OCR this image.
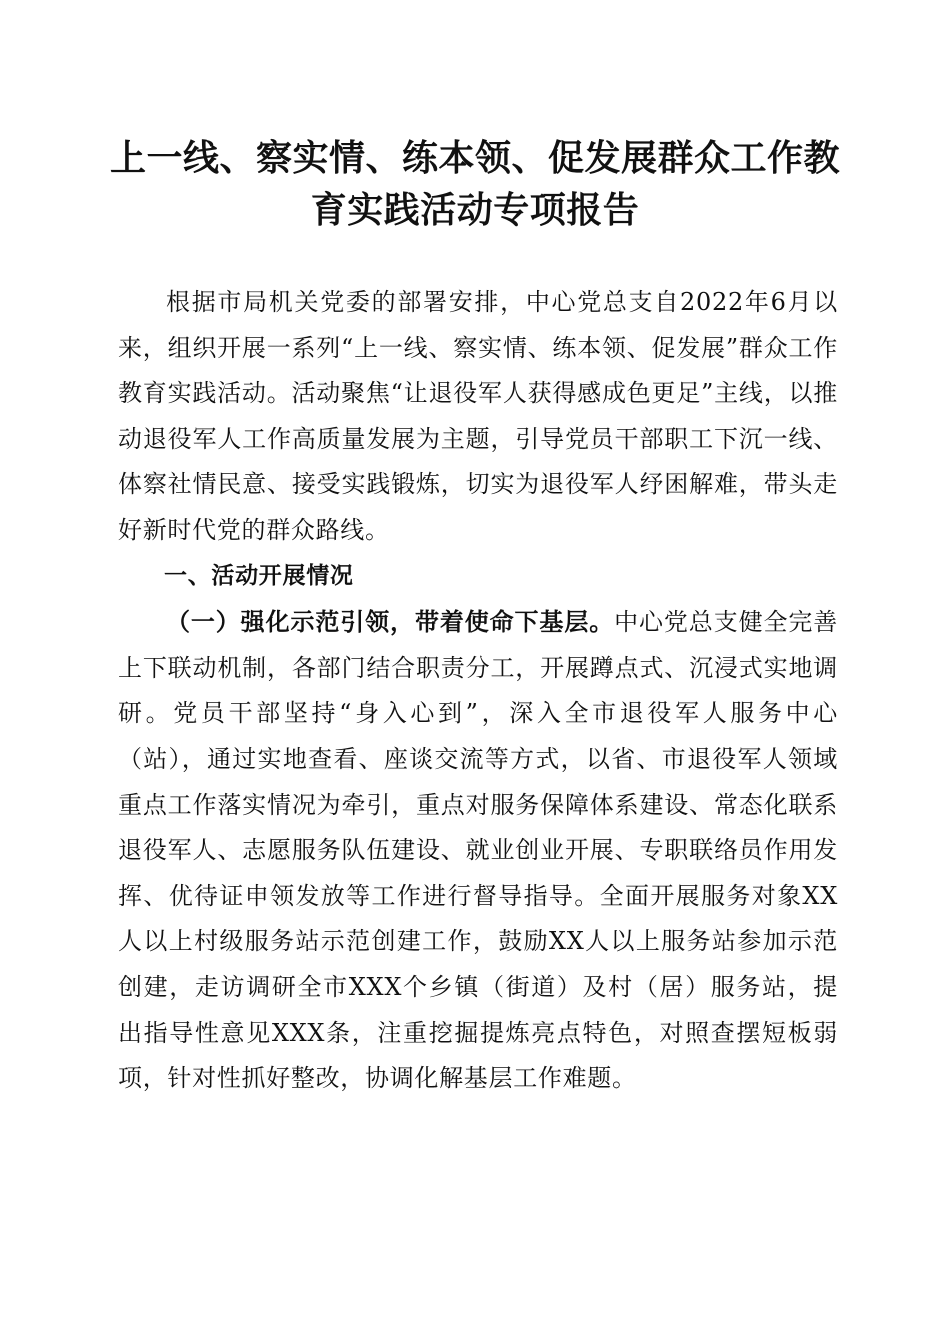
上一线、察实情、练本领、促发展群众工作教
育实践活动专项报告

根据市局机关党委的部署安排，中心党总支自2022年6月以来，组织开展一系列“上一线、察实情、练本领、促发展”群众工作教育实践活动。活动聚焦“让退役军人获得感成色更足”主线，以推动退役军人工作高质量发展为主题，引导党员干部职工下沉一线、体察社情民意、接受实践锻炼，切实为退役军人纾困解难，带头走好新时代党的群众路线。

一、活动开展情况

（一）强化示范引领，带着使命下基层。中心党总支健全完善上下联动机制，各部门结合职责分工，开展蹲点式、沉浸式实地调研。党员干部坚持“身入心到”，深入全市退役军人服务中心（站），通过实地查看、座谈交流等方式，以省、市退役军人领域重点工作落实情况为牵引，重点对服务保障体系建设、常态化联系退役军人、志愿服务队伍建设、就业创业开展、专职联络员作用发挥、优待证申领发放等工作进行督导指导。全面开展服务对象XX人以上村级服务站示范创建工作，鼓励XX人以上服务站参加示范创建，走访调研全市XXX个乡镇（街道）及村（居）服务站，提出指导性意见XXX条，注重挖掘提炼亮点特色，对照查摆短板弱项，针对性抓好整改，协调化解基层工作难题。
